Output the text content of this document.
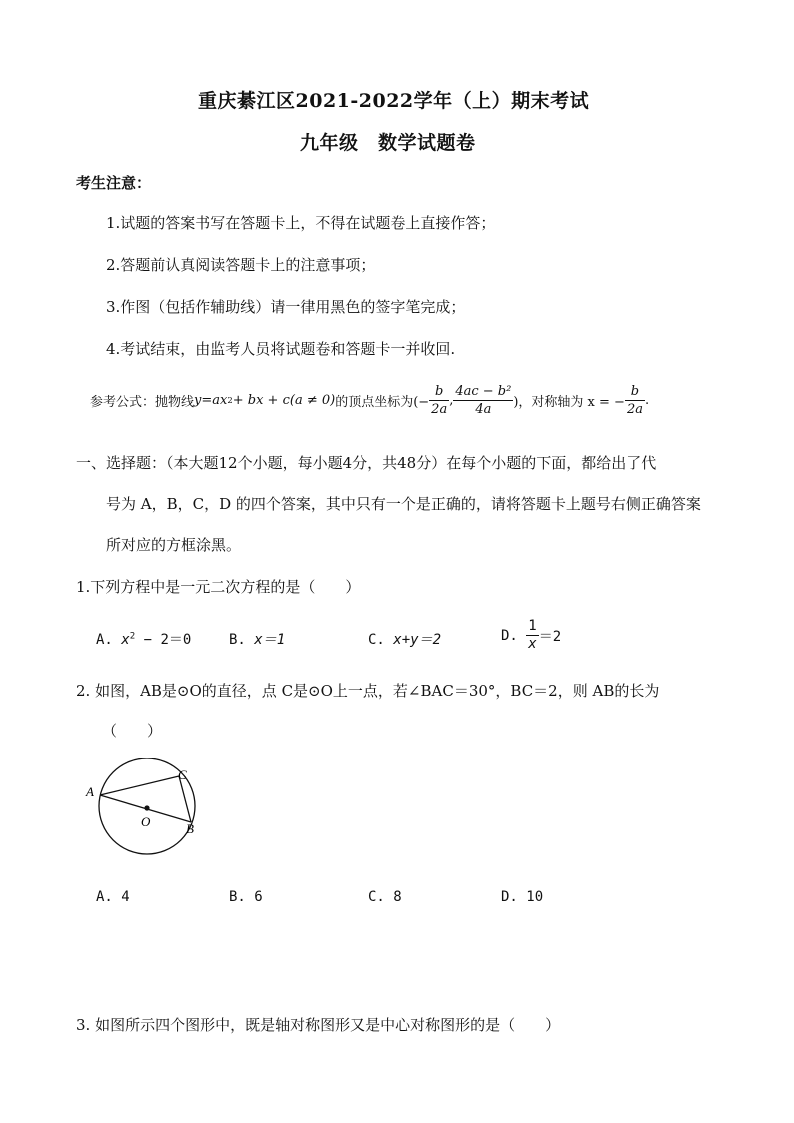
重庆綦江区2021-2022学年（上）期末考试
九年级　数学试题卷
考生注意：
1.试题的答案书写在答题卡上，不得在试题卷上直接作答；
2.答题前认真阅读答题卡上的注意事项；
3.作图（包括作辅助线）请一律用黑色的签字笔完成；
4.考试结束，由监考人员将试题卷和答题卡一并收回.
参考公式：抛物线 y = ax 2 + bx + c(a ≠ 0) 的顶点坐标为(− $\frac{b}{2a}$ , $\frac{\text{4ac − b²}}{4a}$ )，对称轴为 x = − $\frac{b}{2a}$ .
一、选择题：（本大题12个小题，每小题4分，共48分）在每个小题的下面，都给出了代
号为 A，B，C，D 的四个答案，其中只有一个是正确的，请将答题卡上题号右侧正确答案
所对应的方框涂黑。
1.下列方程中是一元二次方程的是（　　）
A. $x^2 - 2=0$	B. x＝1	C. x+y＝2	D.
$\frac{1}{x} =2$
2. 如图，AB是⊙O的直径，点 C是⊙O上一点，若∠BAC＝30°，BC＝2，则 AB的长为
（　　）
A
C
B
O
A. 4	B. 6	C. 8	D. 10
3. 如图所示四个图形中，既是轴对称图形又是中心对称图形的是（　　）
